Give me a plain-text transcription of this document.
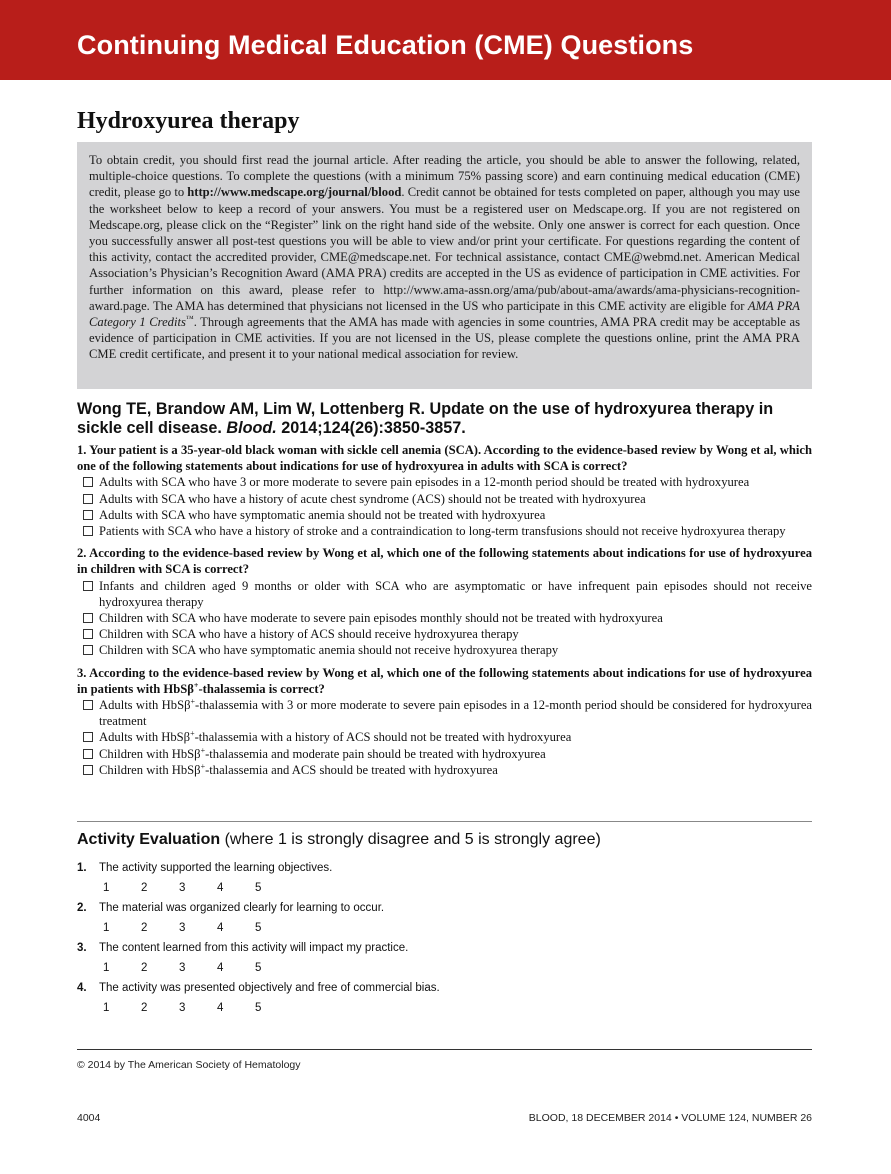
Continuing Medical Education (CME) Questions
Hydroxyurea therapy

To obtain credit, you should first read the journal article. After reading the article, you should be able to answer the following, related, multiple-choice questions. To complete the questions (with a minimum 75% passing score) and earn continuing medical education (CME) credit, please go to http://www.medscape.org/journal/blood. Credit cannot be obtained for tests completed on paper, although you may use the worksheet below to keep a record of your answers. You must be a registered user on Medscape.org. If you are not registered on Medscape.org, please click on the “Register” link on the right hand side of the website. Only one answer is correct for each question. Once you successfully answer all post-test questions you will be able to view and/or print your certificate. For questions regarding the content of this activity, contact the accredited provider, CME@medscape.net. For technical assistance, contact CME@webmd.net. American Medical Association’s Physician’s Recognition Award (AMA PRA) credits are accepted in the US as evidence of participation in CME activities. For further information on this award, please refer to http://www.ama-assn.org/ama/pub/about-ama/awards/ama-physicians-recognition-award.page. The AMA has determined that physicians not licensed in the US who participate in this CME activity are eligible for AMA PRA Category 1 Credits™. Through agreements that the AMA has made with agencies in some countries, AMA PRA credit may be acceptable as evidence of participation in CME activities. If you are not licensed in the US, please complete the questions online, print the AMA PRA CME credit certificate, and present it to your national medical association for review.

Wong TE, Brandow AM, Lim W, Lottenberg R. Update on the use of hydroxyurea therapy in sickle cell disease. Blood. 2014;124(26):3850-3857.
1. Your patient is a 35-year-old black woman with sickle cell anemia (SCA). According to the evidence-based review by Wong et al, which one of the following statements about indications for use of hydroxyurea in adults with SCA is correct?
Adults with SCA who have 3 or more moderate to severe pain episodes in a 12-month period should be treated with hydroxyurea
Adults with SCA who have a history of acute chest syndrome (ACS) should not be treated with hydroxyurea
Adults with SCA who have symptomatic anemia should not be treated with hydroxyurea
Patients with SCA who have a history of stroke and a contraindication to long-term transfusions should not receive hydroxyurea therapy
2. According to the evidence-based review by Wong et al, which one of the following statements about indications for use of hydroxyurea in children with SCA is correct?
Infants and children aged 9 months or older with SCA who are asymptomatic or have infrequent pain episodes should not receive hydroxyurea therapy
Children with SCA who have moderate to severe pain episodes monthly should not be treated with hydroxyurea
Children with SCA who have a history of ACS should receive hydroxyurea therapy
Children with SCA who have symptomatic anemia should not receive hydroxyurea therapy
3. According to the evidence-based review by Wong et al, which one of the following statements about indications for use of hydroxyurea in patients with HbSβ+-thalassemia is correct?
Adults with HbSβ+-thalassemia with 3 or more moderate to severe pain episodes in a 12-month period should be considered for hydroxyurea treatment
Adults with HbSβ+-thalassemia with a history of ACS should not be treated with hydroxyurea
Children with HbSβ+-thalassemia and moderate pain should be treated with hydroxyurea
Children with HbSβ+-thalassemia and ACS should be treated with hydroxyurea
Activity Evaluation (where 1 is strongly disagree and 5 is strongly agree)
1. The activity supported the learning objectives.
1	2	3	4	5
2. The material was organized clearly for learning to occur.
1	2	3	4	5
3. The content learned from this activity will impact my practice.
1	2	3	4	5
4. The activity was presented objectively and free of commercial bias.
1	2	3	4	5
© 2014 by The American Society of Hematology
4004	BLOOD, 18 DECEMBER 2014 • VOLUME 124, NUMBER 26
